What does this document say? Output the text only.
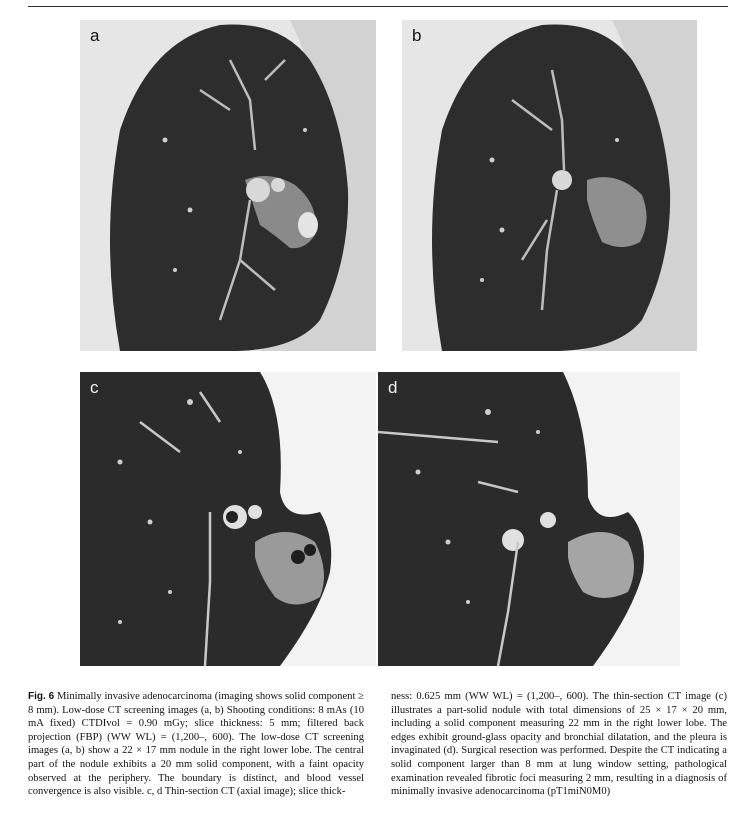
a	b
c	d

Fig. 6 Minimally invasive adenocarcinoma (imaging shows solid component ≥ 8 mm). Low-dose CT screening images (a, b) Shooting conditions: 8 mAs (10 mA fixed) CTDIvol = 0.90 mGy; slice thickness: 5 mm; filtered back projection (FBP) (WW WL) = (1,200–, 600). The low-dose CT screening images (a, b) show a 22 × 17 mm nodule in the right lower lobe. The central part of the nodule exhibits a 20 mm solid component, with a faint opacity observed at the periphery. The boundary is distinct, and blood vessel convergence is also visible. c, d Thin-section CT (axial image); slice thick-

ness: 0.625 mm (WW WL) = (1,200–, 600). The thin-section CT image (c) illustrates a part-solid nodule with total dimensions of 25 × 17 × 20 mm, including a solid component measuring 22 mm in the right lower lobe. The edges exhibit ground-glass opacity and bronchial dilatation, and the pleura is invaginated (d). Surgical resection was performed. Despite the CT indicating a solid component larger than 8 mm at lung window setting, pathological examination revealed fibrotic foci measuring 2 mm, resulting in a diagnosis of minimally invasive adenocarcinoma (pT1miN0M0)
